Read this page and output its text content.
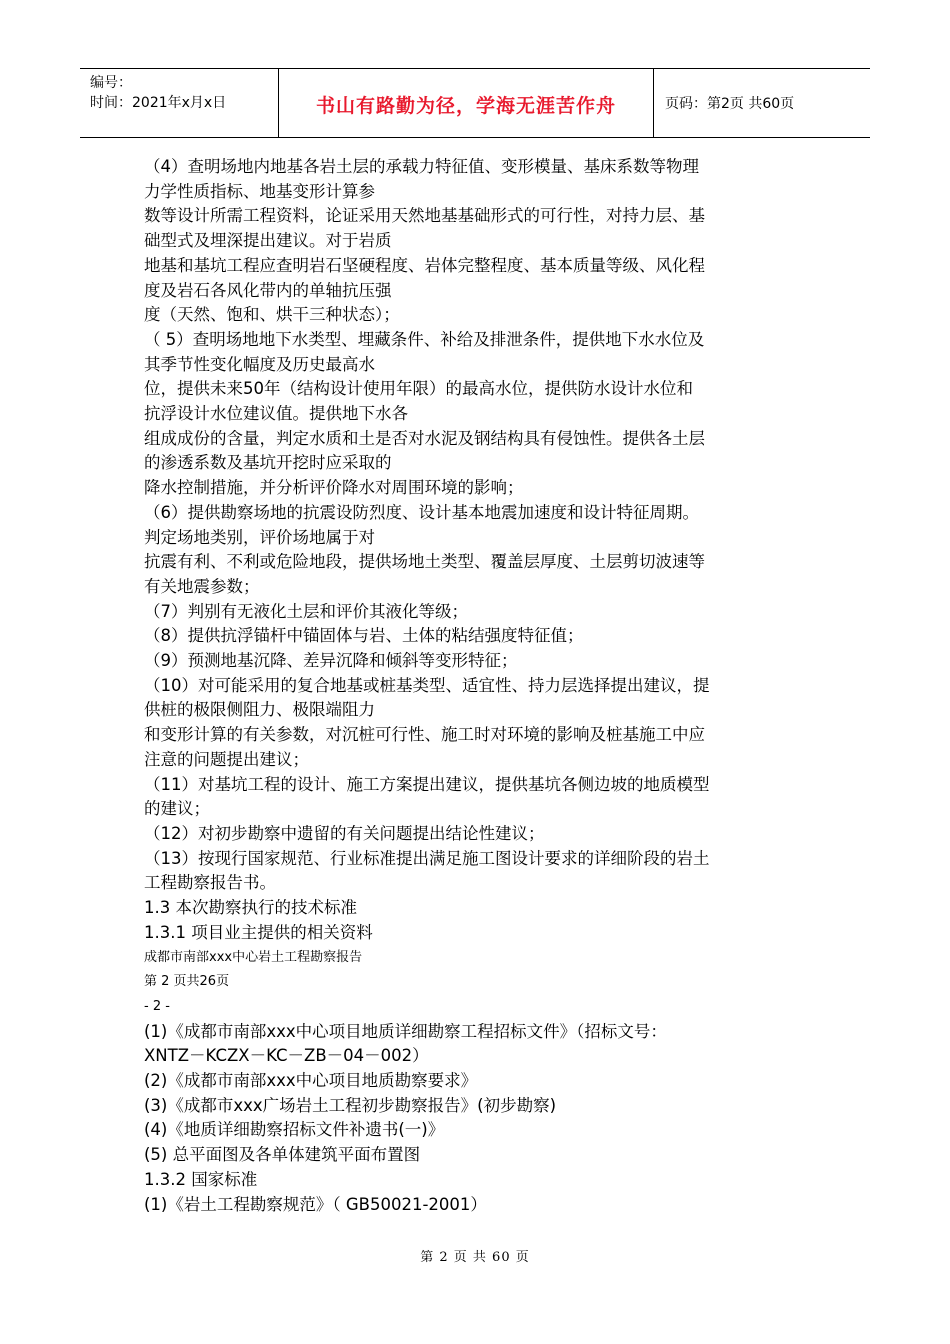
编号：
时间：2021年x月x日	书山有路勤为径，学海无涯苦作舟	页码：第2页 共60页
（4）查明场地内地基各岩土层的承载力特征值、变形模量、基床系数等物理
力学性质指标、地基变形计算参
数等设计所需工程资料，论证采用天然地基基础形式的可行性，对持力层、基
础型式及埋深提出建议。对于岩质
地基和基坑工程应查明岩石坚硬程度、岩体完整程度、基本质量等级、风化程
度及岩石各风化带内的单轴抗压强
度（天然、饱和、烘干三种状态）；
（ 5）查明场地地下水类型、埋藏条件、补给及排泄条件，提供地下水水位及
其季节性变化幅度及历史最高水
位，提供未来50年（结构设计使用年限）的最高水位，提供防水设计水位和
抗浮设计水位建议值。提供地下水各
组成成份的含量，判定水质和土是否对水泥及钢结构具有侵蚀性。提供各土层
的渗透系数及基坑开挖时应采取的
降水控制措施，并分析评价降水对周围环境的影响；
（6）提供勘察场地的抗震设防烈度、设计基本地震加速度和设计特征周期。
判定场地类别，评价场地属于对
抗震有利、不利或危险地段，提供场地土类型、覆盖层厚度、土层剪切波速等
有关地震参数；
（7）判别有无液化土层和评价其液化等级；
（8）提供抗浮锚杆中锚固体与岩、土体的粘结强度特征值；
（9）预测地基沉降、差异沉降和倾斜等变形特征；
（10）对可能采用的复合地基或桩基类型、适宜性、持力层选择提出建议，提
供桩的极限侧阻力、极限端阻力
和变形计算的有关参数，对沉桩可行性、施工时对环境的影响及桩基施工中应
注意的问题提出建议；
（11）对基坑工程的设计、施工方案提出建议，提供基坑各侧边坡的地质模型
的建议；
（12）对初步勘察中遗留的有关问题提出结论性建议；
（13）按现行国家规范、行业标准提出满足施工图设计要求的详细阶段的岩土
工程勘察报告书。
1.3 本次勘察执行的技术标准
1.3.1 项目业主提供的相关资料
成都市南部xxx中心岩土工程勘察报告
第 2 页共26页
- 2 -
(1)《成都市南部xxx中心项目地质详细勘察工程招标文件》（招标文号：
XNTZ－KCZX－KC－ZB－04－002）
(2)《成都市南部xxx中心项目地质勘察要求》
(3)《成都市xxx广场岩土工程初步勘察报告》(初步勘察)
(4)《地质详细勘察招标文件补遗书(一)》
(5) 总平面图及各单体建筑平面布置图
1.3.2 国家标准
(1)《岩土工程勘察规范》（ GB50021-2001）
第 2 页 共 60 页
